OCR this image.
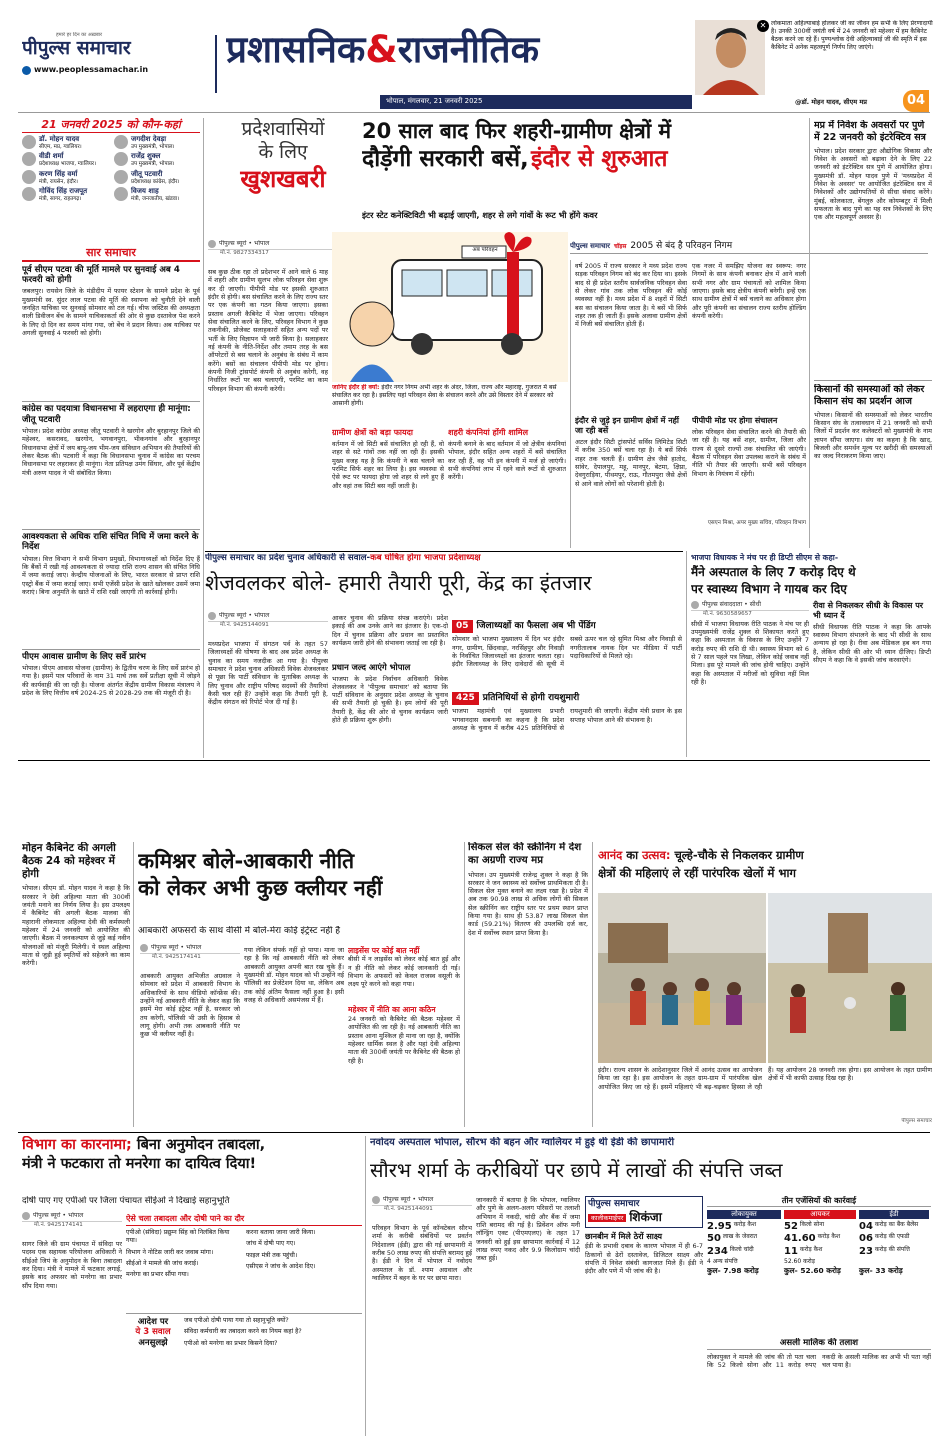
हमारे हर दिन का अख़बार
पीपुल्स समाचार
www.peoplessamachar.in प्रशासनिक&राजनीतिक
भोपाल, मंगलवार, 21 जनवरी 2025
✕ लोकमाता अहिल्याबाई होलकर जी का जीवन हम सभी के लिए प्रेरणादायी है। उनकी 300वीं जयंती वर्ष में 24 जनवरी को महेश्वर में हम कैबिनेट बैठक करने जा रहे हैं। पुण्यश्लोक देवी अहिल्याबाई जी की स्मृति में इस कैबिनेट में अनेक महत्वपूर्ण निर्णय लिए जाएंगे।
@डॉ. मोहन यादव, सीएम मप्र	04
21 जनवरी 2025 को कौन-कहां
डॉ. मोहन यादव
सीएम, मप्र, ग्वालियर।
जगदीश देवड़ा
उप मुख्यमंत्री, भोपाल।
वीडी शर्मा
प्रदेशाध्यक्ष भाजपा, ग्वालियर।
राजेंद्र शुक्ल
उप मुख्यमंत्री, भोपाल।
करण सिंह वर्मा
मंत्री, रायसेन, इंदौर।
जीतू पटवारी
प्रदेशाध्यक्ष कांग्रेस, इंदौर।
गोविंद सिंह राजपूत
मंत्री, सागर, राहतगढ़।
विजय शाह
मंत्री, जनजातीय, खंडवा।
सार समाचार
पूर्व सीएम पटवा की मूर्ति मामले पर सुनवाई अब 4 फरवरी को होगी
जबलपुर। रायसेन जिले के मंडीदीप में फायर स्टेशन के सामने प्रदेश के पूर्व मुख्यमंत्री स्व. सुंदर लाल पटवा की मूर्ति की स्थापना को चुनौती देने वाली जनहित याचिका पर सुनवाई सोमवार को टल गई। चीफ जस्टिस की अध्यक्षता वाली डिवीजन बेंच के सामने याचिकाकर्ता की ओर से कुछ दस्तावेज पेश करने के लिए दो दिन का समय मांगा गया, जो बेंच ने प्रदान किया। अब याचिका पर अगली सुनवाई 4 फरवरी को होगी।
कांग्रेस का पदयात्रा विधानसभा में लहराएगा ही मानूंगा: जीतू पटवारी
भोपाल। प्रदेश कांग्रेस अध्यक्ष जीतू पटवारी ने खरगोन और बुरहानपुर जिले की महेश्वर, कसरावद, खरगोन, भगवानपुरा, भीकनगांव और बुरहानपुर विधानसभा क्षेत्रों में जय बापू-जय भीम-जय संविधान अभियान की तैयारियों की लेकर बैठक की। पटवारी ने कहा कि विधानसभा चुनाव में कांग्रेस का परचम विधानसभा पर लहराकर ही मानूंगा। नेता प्रतिपक्ष उमंग सिंघार, और पूर्व केंद्रीय मंत्री अरुण यादव ने भी संबोधित किया।
आवश्यकता से अधिक राशि संचित निधि में जमा करने के निर्देश
भोपाल। वित्त विभाग ने सभी विभाग प्रमुखों, विभागाध्यक्षों को निर्देश दिए हैं कि बैंकों में रखी गई आवश्यकता से ज्यादा राशि राज्य शासन की संचित निधि में जमा कराई जाए। केन्द्रीय योजनाओं के लिए, भारत सरकार से प्राप्त राशि एस्ट्रो बैंक में जमा कराई जाए। सभी एजेंसी प्रदेश के खाते खोलकर उसमें जमा कराएं। बिना अनुमति के खाते में राशि रखी जाएगी तो कार्रवाई होगी।
पीएम आवास ग्रामीण के लिए सर्वे प्रारंभ
भोपाल। पीएम आवास योजना (ग्रामीण) के द्वितीय चरण के लिए सर्वे प्रारंभ हो गया है। इसमें पात्र परिवारों के नाम 31 मार्च तक सर्वे प्रतीक्षा सूची में जोड़ने की कार्यवाही की जा रही है। योजना अंतर्गत केंद्रीय ग्रामीण विकास मंत्रालय ने प्रदेश के लिए वित्तीय वर्ष 2024-25 से 2028-29 तक की मंजूरी दी है।
प्रदेशवासियों
के लिए
खुशखबरी
20 साल बाद फिर शहरी-ग्रामीण क्षेत्रों में
दौड़ेंगी सरकारी बसें, इंदौर से शुरुआत
इंटर स्टेट कनेक्टिविटी भी बढ़ाई जाएगी, शहर से लगे गांवों के रूट भी होंगे कवर
पीपुल्स ब्यूरो • भोपाल
मो.नं. 9827334317
पीपुल्स समाचार चॉइस 2005 से बंद है परिवहन निगम
अब परिवहन
जानिए इंदौर ही क्यों: इंदौर नगर निगम अभी शहर के अंदर, जिला, राज्य और महाराष्ट्र, गुजरात में बसें संचालित कर रहा है। इसलिए यहां परिवहन सेवा के संचालन करने और उसे विस्तार देने में सरकार को आसानी होगी।
सब कुछ ठीक रहा तो प्रदेशभर में आने वाले 6 माह में शहरी और ग्रामीण सुलभ लोक परिवहन सेवा शुरू कर दी जाएगी। पीपीपी मोड पर इसकी शुरुआत इंदौर से होगी। बस संचालित करने के लिए राज्य स्तर पर एक कंपनी का गठन किया जाएगा। इसका प्रस्ताव अगली कैबिनेट में भेजा जाएगा। परिवहन सेवा संचालित करने के लिए, परिवहन विभाग ने कुछ तकनीकी, प्रोजेक्ट सलाहकारों सहित अन्य पदों पर भर्ती के लिए विज्ञापन भी जारी किया है। सलाहकार नई कंपनी के नीति-निर्देश और तमाम तरह के बस ऑपरेटरों से बस चलाने के अनुबंध के संबंध में काम करेंगे। बसों का संचालन पीपीपी मोड पर होगा। कंपनी निजी ट्रांसपोर्ट कंपनी से अनुबंध करेगी, वह निर्धारित रूटों पर बस चलाएगी, परमिट का काम परिवहन विभाग की कंपनी करेगी।
ग्रामीण क्षेत्रों को बड़ा फायदा
वर्तमान में जो सिटी बसें संचालित हो रही हैं, वो शहर से सटे गांवों तक नहीं जा रही हैं। इसकी मुख्य वजह यह है कि कंपनी ने बस चलाने का परमिट सिर्फ शहर का लिया है। इस व्यवस्था से ऐसे रूट पर फायदा होगा जो शहर से लगे हुए हैं और वहां तक सिटी बस नहीं जाती है।
शहरी कंपनियां होंगी शामिल
कंपनी बनाने के बाद वर्तमान में जो क्षेत्रीय कंपनियां भोपाल, इंदौर सहित अन्य शहरों में बसें संचालित कर रही हैं, वह भी इन कंपनी में मर्ज हो जाएंगी। सभी कंपनियां लाभ में रहने वाले रूटों से शुरुआत करेंगी।
वर्ष 2005 में राज्य सरकार ने मध्य प्रदेश राज्य सड़क परिवहन निगम को बंद कर दिया था। इसके बाद से ही प्रदेश स्तरीय सार्वजनिक परिवहन सेवा से लेकर गांव तक लोक परिवहन की कोई व्यवस्था नहीं है। मध्य प्रदेश में 8 शहरों में सिटी बस का संचालन किया जाता है। ये बसें भी सिर्फ शहर तक ही जाती हैं। इसके अलावा ग्रामीण क्षेत्रों में निजी बसें संचालित होती हैं।
एक नजर में समझिए योजना का स्वरूप: नगर निगमों के साथ कंपनी बनाकर क्षेत्र में आने वाली सभी नगर और ग्राम पंचायतों को शामिल किया जाएगा। इसके बाद क्षेत्रीय कंपनी बनेगी। इन्हें एक साथ ग्रामीण क्षेत्रों में बसें चलाने का अधिकार होगा और पूरी कंपनी का संचालन राज्य स्तरीय होल्डिंग कंपनी करेगी।
इंदौर से जुड़े इन ग्रामीण क्षेत्रों में नहीं जा रही बसें
अटल इंदौर सिटी ट्रांसपोर्ट सर्विस लिमिटेड सिटी में करीब 350 बसें चला रहा है। ये बसें सिर्फ शहर तक चलती हैं। ग्रामीण क्षेत्र जैसे हातोद, सांवेर, देपालपुर, महू, मानपुर, बेटमा, क्षिप्रा, देवगुराड़िया, पीथमपुर, राऊ, गौतमपुरा जैसे क्षेत्रों से आने वाले लोगों को परेशानी होती है।
पीपीपी मोड पर होगा संचालन
लोक परिवहन सेवा संचालित करने की तैयारी की जा रही है। यह बसें शहर, ग्रामीण, जिला और राज्य से दूसरे राज्यों तक संचालित की जाएंगी। बैठक में परिवहन सेवा उपलब्ध कराने के संबंध में नीति भी तैयार की जाएगी। सभी बसें परिवहन विभाग के नियंत्रण में रहेंगी।
एसएन मिश्रा, अपर मुख्य सचिव, परिवहन विभाग
मप्र में निवेश के अवसरों पर पुणे में 22 जनवरी को इंटरेक्टिव सत्र
भोपाल। प्रदेश सरकार द्वारा औद्योगिक विकास और निवेश के अवसरों को बढ़ावा देने के लिए 22 जनवरी को इंटरेक्टिव सत्र पुणे में आयोजित होगा। मुख्यमंत्री डॉ. मोहन यादव पुणे में 'मध्यप्रदेश में निवेश के अवसर' पर आयोजित इंटरेक्टिव सत्र में निवेशकों और उद्योगपतियों से सीधा संवाद करेंगे। मुंबई, कोलकाता, बेंगलुरु और कोयम्बटूर में मिली सफलता के बाद पुणे का यह सत्र निवेशकों के लिए एक और महत्वपूर्ण अवसर है।
किसानों की समस्याओं को लेकर किसान संघ का प्रदर्शन आज
भोपाल। किसानों की समस्याओं को लेकर भारतीय किसान संघ के तत्वावधान में 21 जनवरी को सभी जिलों में प्रदर्शन कर कलेक्टरों को मुख्यमंत्री के नाम ज्ञापन सौंपा जाएगा। संघ का कहना है कि खाद, बिजली और समर्थन मूल्य पर खरीदी की समस्याओं का जल्द निराकरण किया जाए।
पीपुल्स समाचार का प्रदेश चुनाव अधिकारी से सवाल-कब घोषित होगा भाजपा प्रदेशाध्यक्ष
शेजवलकर बोले- हमारी तैयारी पूरी, केंद्र का इंतजार
पीपुल्स ब्यूरो • भोपाल
मो.नं. 9425144091
मध्यप्रदेश भाजपा में संगठन पर्व के तहत 57 जिलाध्यक्षों की घोषणा के बाद अब प्रदेश अध्यक्ष के चुनाव का समय नजदीक आ गया है। पीपुल्स समाचार ने प्रदेश चुनाव अधिकारी विवेक शेजवलकर से पूछा कि पार्टी संविधान के मुताबिक अध्यक्ष के लिए चुनाव और राष्ट्रीय परिषद सदस्यों की तैयारियां कैसी चल रही हैं? उन्होंने कहा कि तैयारी पूरी है, केंद्रीय संगठन को रिपोर्ट भेज दी गई है।
आकर चुनाव की प्रक्रिया संपन्न कराएंगे। प्रदेश इकाई की अब उनके आने का इंतजार है। एक-दो दिन में चुनाव प्रक्रिया और प्रधान का प्रस्तावित कार्यक्रम जारी होने की संभावना जताई जा रही है।
प्रधान जल्द आएंगे भोपाल
भाजपा के प्रदेश निर्वाचन अधिकारी विवेक शेजवलकर ने 'पीपुल्स समाचार' को बताया कि पार्टी संविधान के अनुसार प्रदेश अध्यक्ष के चुनाव की सभी तैयारी हो चुकी है। हम लोगों की पूरी तैयारी है, केंद्र की ओर से चुनाव कार्यक्रम जारी होते ही प्रक्रिया शुरू होगी।
05 जिलाध्यक्षों का फैसला अब भी पेंडिंग
सोमवार को भाजपा मुख्यालय में दिन भर इंदौर नगर, ग्रामीण, छिंदवाड़ा, नरसिंहपुर और निवाड़ी के निर्वाचित जिलाध्यक्षों का इंतजार चलता रहा। इंदौर जिलाध्यक्ष के लिए दावेदारों की सूची में सबसे ऊपर चल रहे सुमित मिश्रा और निवाड़ी से नगरीतालाब नायक दिन भर मीडिया में पार्टी पदाधिकारियों से मिलते रहे।
425 प्रतिनिधियों से होगी रायशुमारी
भाजपा महामंत्री एवं मुख्यालय प्रभारी भगवानदास सबनानी का कहना है कि प्रदेश अध्यक्ष के चुनाव में करीब 425 प्रतिनिधियों से रायशुमारी की जाएगी। केंद्रीय मंत्री प्रधान के इस सप्ताह भोपाल आने की संभावना है।
भाजपा विधायक ने मंच पर ही डिप्टी सीएम से कहा-
मैंने अस्पताल के लिए 7 करोड़ दिए थे
पर स्वास्थ्य विभाग ने गायब कर दिए
पीपुल्स संवाददाता • सीधी
मो.नं. 9630589657
सीधी में भाजपा विधायक रीति पाठक ने मंच पर ही उपमुख्यमंत्री राजेंद्र शुक्ल से शिकायत करते हुए कहा कि अस्पताल के विकास के लिए उन्होंने 7 करोड़ रुपए की राशि दी थी। स्वास्थ्य विभाग को 6 से 7 साल पहले पत्र लिखा, लेकिन कोई जवाब नहीं मिला। इस पूरे मामले की जांच होनी चाहिए। उन्होंने कहा कि अस्पताल में मरीजों को सुविधा नहीं मिल रही है।
रीवा से निकलकर सीधी के विकास पर भी ध्यान दें
सीधी विधायक रीति पाठक ने कहा कि आपके स्वास्थ्य विभाग संभालने के बाद भी सीधी के साथ अन्याय हो रहा है। रीवा अब मेडिकल हब बन गया है, लेकिन सीधी की ओर भी ध्यान दीजिए। डिप्टी सीएम ने कहा कि वे इसकी जांच करवाएंगे।
मोहन कैबिनेट की अगली बैठक 24 को महेश्वर में होगी
भोपाल। सीएम डॉ. मोहन यादव ने कहा है कि सरकार ने देवी अहिल्या माता की 300वीं जयंती मनाने का निर्णय लिया है। इस उपलक्ष्य में कैबिनेट की अगली बैठक मालवा की महारानी लोकमाता अहिल्या देवी की कर्मस्थली महेश्वर में 24 जनवरी को आयोजित की जाएगी। बैठक में जनकल्याण से जुड़े कई नवीन योजनाओं को मंजूरी मिलेगी। ये स्थल अहिल्या माता से जुड़ी हुई स्मृतियों को सहेजने का काम करेगी।
कमिश्नर बोले-आबकारी नीति
को लेकर अभी कुछ क्लीयर नहीं
आबकारी अफसरों के साथ वीसी में बोले-मेरा कोई इंट्रेस्ट नहीं है
पीपुल्स ब्यूरो • भोपाल
मो.नं. 9425174141
आबकारी आयुक्त अभिजीत अग्रवाल ने सोमवार को प्रदेश में आबकारी विभाग के अधिकारियों के साथ वीडियो कॉन्फ्रेंस की। उन्होंने नई आबकारी नीति के लेकर कहा कि इसमें मेरा कोई इंट्रेस्ट नहीं है, सरकार जो तय करेगी, पॉलिसी भी उसी के हिसाब से लागू होगी। अभी तक आबकारी नीति पर कुछ भी क्लीयर नहीं है।
गया लेकिन संपर्क नहीं हो पाया। माना जा रहा है कि नई आबकारी नीति को लेकर आबकारी आयुक्त अपनी बात रख चुके हैं। मुख्यमंत्री डॉ. मोहन यादव को भी उन्होंने नई पॉलिसी का प्रेजेंटेशन दिया था, लेकिन अब तक कोई अंतिम फैसला नहीं हुआ है। इसी वजह से अधिकारी असमंजस में हैं।
लाइसेंस पर कोई बात नहीं
बीसी में न लाइसेंस को लेकर कोई बात हुई और न ही नीति को लेकर कोई जानकारी दी गई। विभाग के अफसरों को केवल राजस्व वसूली के लक्ष्य पूरे करने को कहा गया।
महेश्वर में नीति का आना कठिन
24 जनवरी को कैबिनेट की बैठक महेश्वर में आयोजित की जा रही है। नई आबकारी नीति का प्रस्ताव आना मुश्किल ही माना जा रहा है, क्योंकि महेश्वर धार्मिक स्थल है और यहां देवी अहिल्या माता की 300वीं जयंती पर कैबिनेट की बैठक हो रही है।
सिकल सेल की स्क्रीनिंग में देश का अग्रणी राज्य मप्र
भोपाल। उप मुख्यमंत्री राजेन्द्र शुक्ल ने कहा है कि सरकार ने जन स्वास्थ्य को सर्वोच्च प्राथमिकता दी है। सिकल सेल मुक्त बनाने का लक्ष्य रखा है। प्रदेश में अब तक 90.98 लाख से अधिक लोगों की सिकल सेल स्क्रीनिंग कर राष्ट्रीय स्तर पर प्रथम स्थान प्राप्त किया गया है। साथ ही 53.87 लाख सिकल सेल कार्ड (59.21%) वितरण की उपलब्धि दर्ज कर, देश में सर्वोच्च स्थान प्राप्त किया है।
आनंद का उत्सव: चूल्हे-चौके से निकलकर ग्रामीण
क्षेत्रों की महिलाएं ले रहीं पारंपरिक खेलों में भाग
इंदौर। राज्य शासन के आदेशानुसार जिले में आनंद उत्सव का आयोजन किया जा रहा है। इस आयोजन के तहत ग्राम-ग्राम में पारंपरिक खेल आयोजित किए जा रहे हैं। इसमें महिलाएं भी बढ़-चढ़कर हिस्सा ले रही हैं। यह आयोजन 28 जनवरी तक होगा। इस आयोजन के तहत ग्रामीण क्षेत्रों में भी काफी उत्साह दिख रहा है।
पीपुल्स समाचार
विभाग का कारनामा; बिना अनुमोदन तबादला,
मंत्री ने फटकारा तो मनरेगा का दायित्व दिया!
दोषी पाए गए एपीओ पर जिला पंचायत सीईओ ने दिखाई सहानुभूति
पीपुल्स ब्यूरो • भोपाल
मो.नं. 9425174141
सागर जिले की ग्राम पंचायत में संविदा पर पदस्थ एक सहायक परियोजना अधिकारी ने सीईओ जिपं के अनुमोदन के बिना तबादला कर दिया। मंत्री ने मामले में फटकार लगाई, इसके बाद अफसर को मनरेगा का प्रभार सौंप दिया गया।
ऐसे चला तबादला और दोषी पाने का दौर
एपीओ (संविदा) प्रद्युम्न सिंह को निलंबित किया गया।
विभाग ने नोटिस जारी कर जवाब मांगा।
सीईओ ने मामले की जांच कराई।
मनरेगा का प्रभार सौंपा गया।
करना बताया जाना जारी किया।
जांच में दोषी पाए गए।
फाइल मंत्री तक पहुंची।
एसीएस ने जांच के आदेश दिए।
आदेश पर
ये 3 सवाल
अनसुलझे
जब एपीओ दोषी पाया गया तो सहानुभूति क्यों?
संविदा कर्मचारी का तबादला करने का नियम कहां है?
एपीओ को मनरेगा का प्रभार किसने दिया?
नवोदय अस्पताल भोपाल, सौरभ की बहन और ग्वालियर में हुई थी ईडी की छापामारी
सौरभ शर्मा के करीबियों पर छापे में लाखों की संपत्ति जब्त
पीपुल्स ब्यूरो • भोपाल
मो.नं. 9425144091
परिवहन विभाग के पूर्व कॉन्स्टेबल सौरभ शर्मा के करीबी संबंधियों पर प्रवर्तन निदेशालय (ईडी) द्वारा की गई छापामारी में करीब 50 लाख रुपए की संपत्ति बरामद हुई है। ईडी ने दिन में भोपाल में नवोदय अस्पताल के डॉ. श्याम अग्रवाल और ग्वालियर में बहन के घर पर छापा मारा।
जानकारी में बताया है कि भोपाल, ग्वालियर और पुणे के अलग-अलग परिसरों पर तलाशी अभियान में नकदी, चांदी और बैंक में जमा राशि बरामद की गई है। प्रिवेंशन ऑफ मनी लॉन्ड्रिंग एक्ट (पीएमएलए) के तहत 17 जनवरी को हुई इस छापामार कार्रवाई में 12 लाख रुपए नकद और 9.9 किलोग्राम चांदी जब्त हुई।
पीपुल्स समाचार
कालीकमाईपर शिकंजा
छानबीन में मिले ठेरों साक्ष्य
ईडी के प्रभावी दबाव के कारण भोपाल में ही 6-7 ठिकानों से ढेरों दस्तावेज, डिजिटल साक्ष्य और संपत्ति में निवेश संबंधी कागजात मिले हैं। ईडी ने इंदौर और पणे में भी जांच की है।
तीन एजेंसियों की कार्रवाई
लोकायुक्त
2.95 करोड़ कैश
50 लाख के जेवरात
234 किलो चांदी
4 अन्य संपत्ति
कुल- 7.98 करोड़
आयकर
52 किलो सोना
41.60 करोड़ कैश
11 करोड़ कैश
52.60 करोड़
कुल- 52.60 करोड़
ईडी
04 करोड़ का बैंक बैलेंस
06 करोड़ की एफडी
23 करोड़ की संपत्ति
कुल- 33 करोड़
असली मालिक की तलाश
लोकायुक्त ने मामले की जांच की तो पता चला कि 52 किलो सोना और 11 करोड़ रुपए नकदी के असली मालिक का अभी भी पता नहीं चल पाया है।
